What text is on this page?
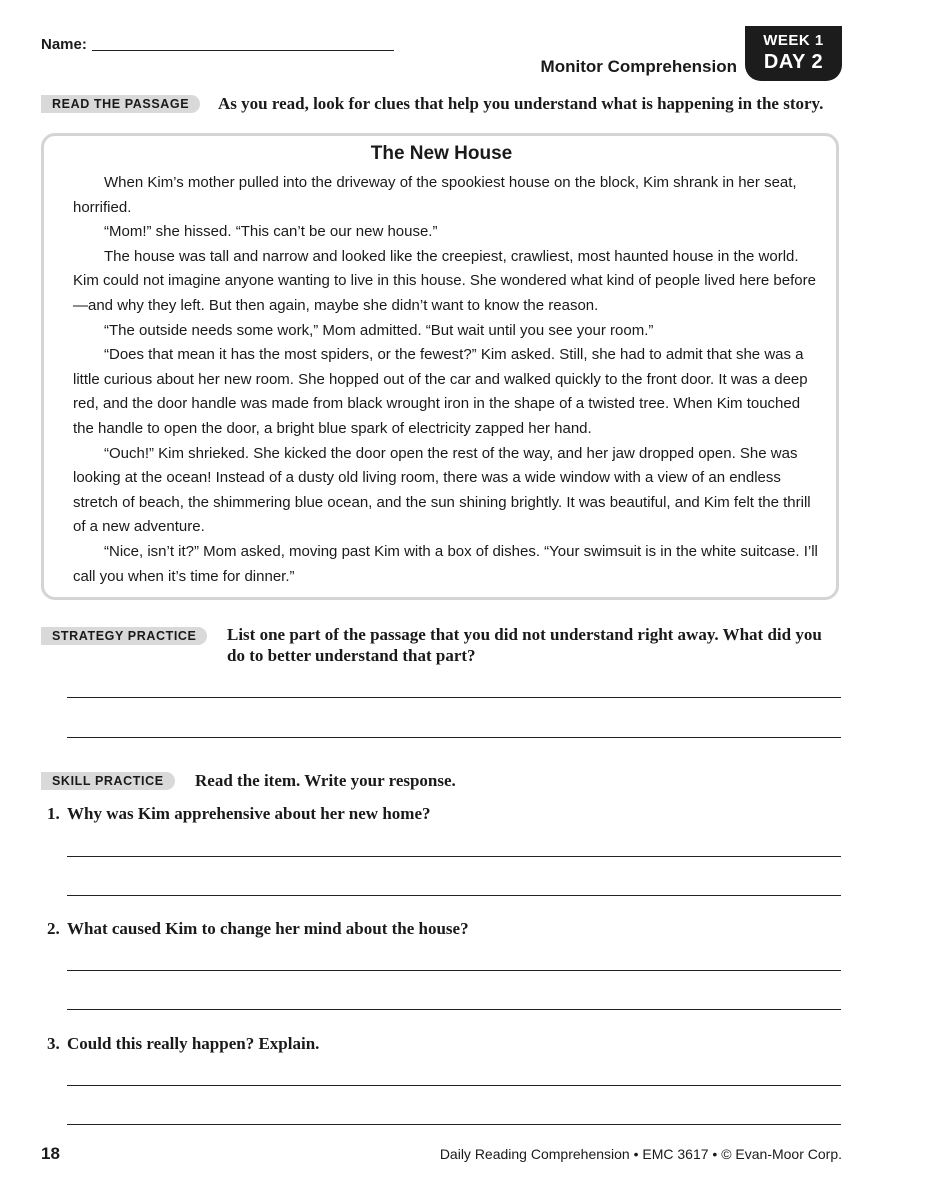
Name:
Monitor Comprehension
WEEK 1
DAY 2
READ THE PASSAGE	As you read, look for clues that help you understand what is happening in the story.
The New House

When Kim’s mother pulled into the driveway of the spookiest house on the block, Kim shrank in her seat, horrified.

“Mom!” she hissed. “This can’t be our new house.”

The house was tall and narrow and looked like the creepiest, crawliest, most haunted house in the world. Kim could not imagine anyone wanting to live in this house. She wondered what kind of people lived here before—and why they left. But then again, maybe she didn’t want to know the reason.

“The outside needs some work,” Mom admitted. “But wait until you see your room.”

“Does that mean it has the most spiders, or the fewest?” Kim asked. Still, she had to admit that she was a little curious about her new room. She hopped out of the car and walked quickly to the front door. It was a deep red, and the door handle was made from black wrought iron in the shape of a twisted tree. When Kim touched the handle to open the door, a bright blue spark of electricity zapped her hand.

“Ouch!” Kim shrieked. She kicked the door open the rest of the way, and her jaw dropped open. She was looking at the ocean! Instead of a dusty old living room, there was a wide window with a view of an endless stretch of beach, the shimmering blue ocean, and the sun shining brightly. It was beautiful, and Kim felt the thrill of a new adventure.

“Nice, isn’t it?” Mom asked, moving past Kim with a box of dishes. “Your swimsuit is in the white suitcase. I’ll call you when it’s time for dinner.”

STRATEGY PRACTICE	List one part of the passage that you did not understand right away. What did you
do to better understand that part?
SKILL PRACTICE	Read the item. Write your response.
1. Why was Kim apprehensive about her new home?
2. What caused Kim to change her mind about the house?
3. Could this really happen? Explain.
18	Daily Reading Comprehension • EMC 3617 • © Evan-Moor Corp.
